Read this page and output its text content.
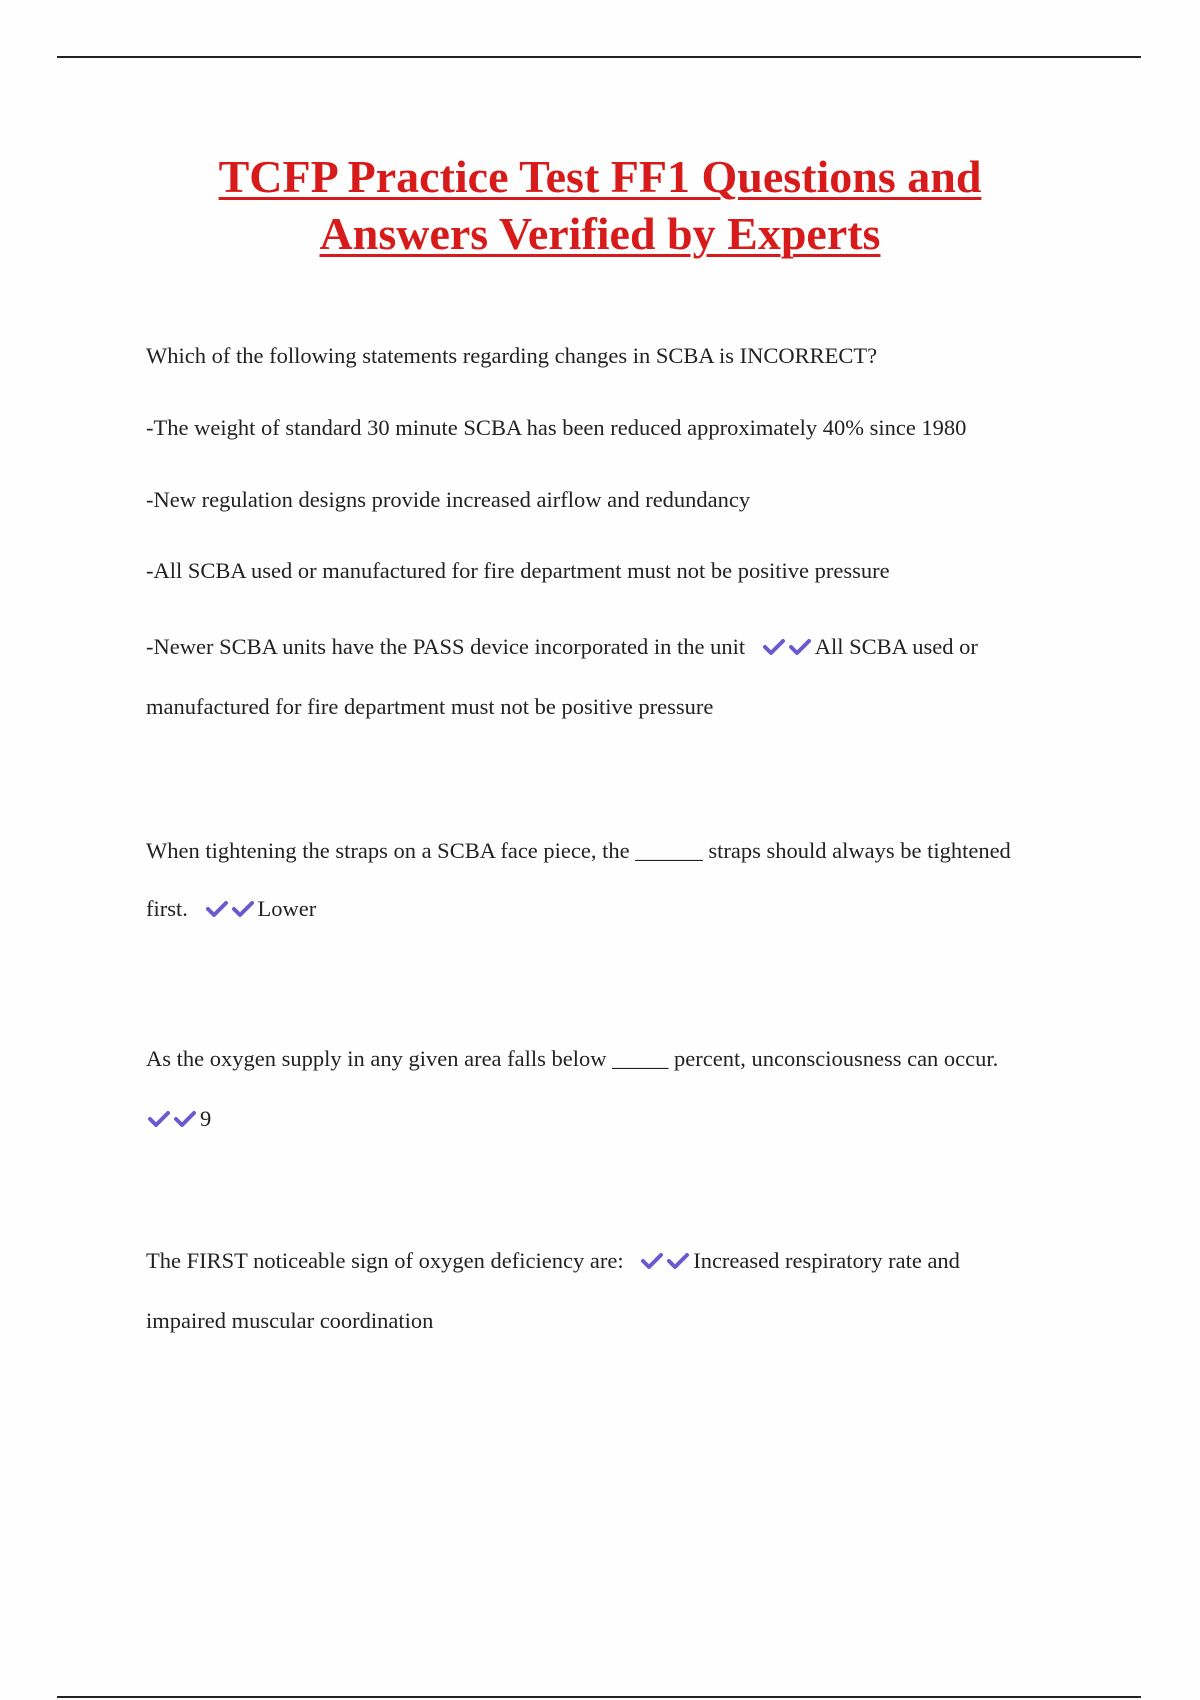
TCFP Practice Test FF1 Questions and
Answers Verified by Experts
Which of the following statements regarding changes in SCBA is INCORRECT?
-The weight of standard 30 minute SCBA has been reduced approximately 40% since 1980
-New regulation designs provide increased airflow and redundancy
-All SCBA used or manufactured for fire department must not be positive pressure
-Newer SCBA units have the PASS device incorporated in the unit	All SCBA used or
manufactured for fire department must not be positive pressure
When tightening the straps on a SCBA face piece, the ______ straps should always be tightened
first.	Lower
As the oxygen supply in any given area falls below _____ percent, unconsciousness can occur.
9
The FIRST noticeable sign of oxygen deficiency are:	Increased respiratory rate and
impaired muscular coordination
